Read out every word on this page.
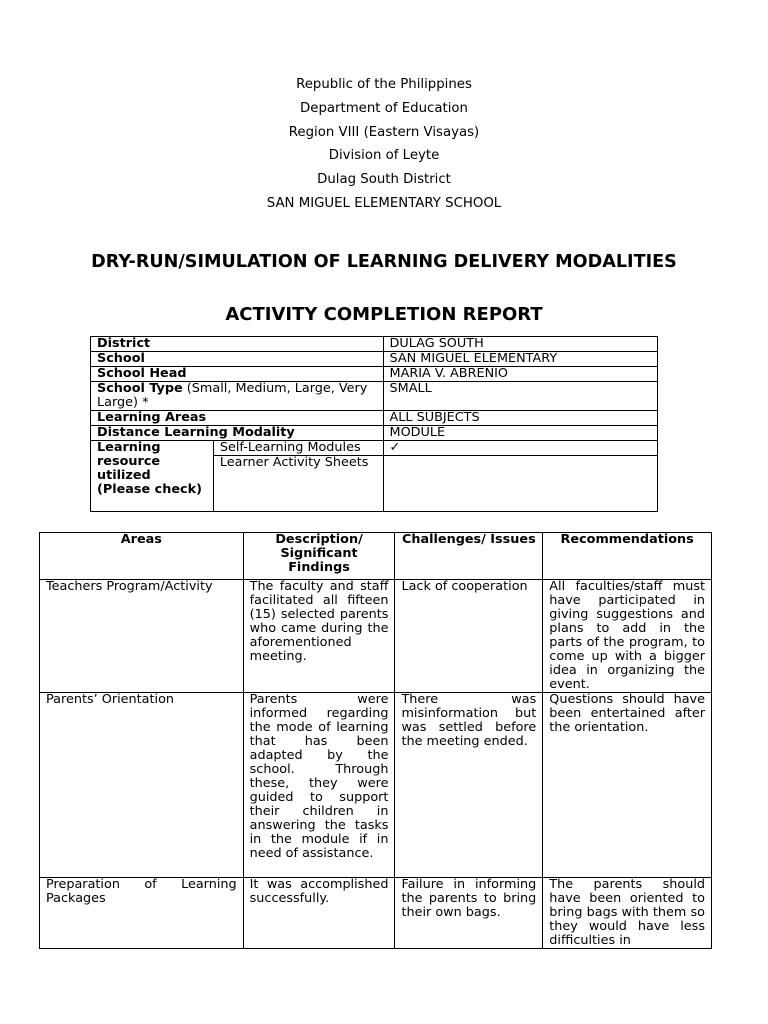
Republic of the Philippines
Department of Education
Region VIII (Eastern Visayas)
Division of Leyte
Dulag South District
SAN MIGUEL ELEMENTARY SCHOOL
DRY-RUN/SIMULATION OF LEARNING DELIVERY MODALITIES
ACTIVITY COMPLETION REPORT
District		DULAG SOUTH
School		SAN MIGUEL ELEMENTARY
School Head		MARIA V. ABRENIO
School Type (Small, Medium, Large, Very Large) *		SMALL
Learning Areas		ALL SUBJECTS
Distance Learning Modality		MODULE
Learning resource utilized (Please check)	Self-Learning Modules	✓
	Learner Activity Sheets	
Areas	Description/ Significant Findings	Challenges/ Issues	Recommendations
Teachers Program/Activity	The faculty and staff facilitated all fifteen (15) selected parents who came during the aforementioned meeting.	Lack of cooperation	All faculties/staff must have participated in giving suggestions and plans to add in the parts of the program, to come up with a bigger idea in organizing the event.
Parents’ Orientation	Parents were informed regarding the mode of learning that has been adapted by the school. Through these, they were guided to support their children in answering the tasks in the module if in need of assistance.	There was misinformation but was settled before the meeting ended.	Questions should have been entertained after the orientation.
Preparation of Learning Packages	It was accomplished successfully.	Failure in informing the parents to bring their own bags.	The parents should have been oriented to bring bags with them so they would have less difficulties in
